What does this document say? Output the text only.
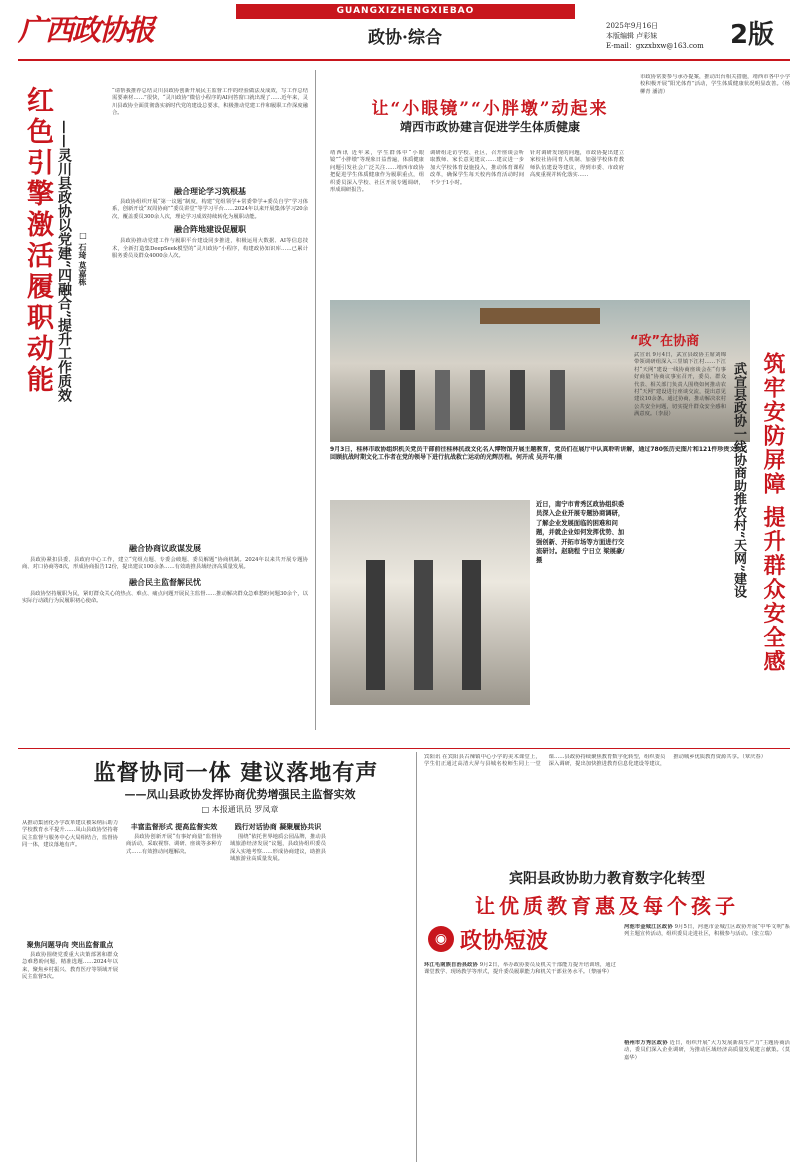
广西政协报
GUANGXIZHENGXIEBAO
政协·综合
2025年9月16日
本版编辑 卢彩妹
E-mail：gxzxbxw@163.com 2版
红色引擎激活履职动能 ——灵川县政协以党建“四融合”提升工作质效 □ 石琦 莫嘉栋
“请帮我推荐总结灵川县政协创新开展民主监督工作的经验做法及成效，写工作总结需要素材……”很快，“灵川政协”微信小程序的AI问答窗口就出现了……近年来，灵川县政协全面贯彻落实新时代党的建设总要求，积极推动党建工作和履职工作深度融合。
融合理论学习筑根基
县政协组织开展“第一议题”制度，构建“党组领学+常委带学+委员自学”学习体系，创新开设“双周协商”“委员讲堂”等学习平台……2024年以来开展集体学习20余次，覆盖委员300余人次，理论学习成效持续转化为履职动能。
融合阵地建设促履职
县政协推动党建工作与履职平台建设同步推进，积极运用大数据、AI等信息技术，全新打造集DeepSeek模型的“灵川政协”小程序，构建政协知识库……已累计服务委员及群众4000余人次。
融合协商议政谋发展
县政协紧扣县委、县政府中心工作，建立“党组点题、专委会破题、委员解题”协商机制。2024年以来共开展专题协商、对口协商等8次，形成协商报告12份，提出建议100余条……有效助推县域经济高质量发展。
融合民主监督解民忧
县政协坚持履职为民，紧盯群众关心的热点、难点、痛点问题开展民主监督……推动解决群众急难愁盼问题30余个，以实际行动践行为民履职初心使命。
让“小眼镜”“小胖墩”动起来
靖西市政协建言促进学生体质健康
靖西讯 近年来，学生群体中“小眼镜”“小胖墩”等现象日益普遍，体质健康问题引发社会广泛关注……靖西市政协把促进学生体质健康作为履职重点，组织委员深入学校、社区开展专题调研，形成调研报告。
调研组走访学校、社区，召开座谈会听取教师、家长意见建议……建议进一步加大学校体育设施投入，推动体育课程改革，确保学生每天校内体育活动时间不少于1小时。
针对调研发现的问题，市政协提出建立家校社协同育人机制、加强学校体育教师队伍建设等建议，得到市委、市政府高度重视并转化落实……
市政协常委参与承办提案，推动出台相关措施，靖西市各中小学校积极开展“阳光体育”活动，学生体质健康状况明显改善。（杨柳青 潘清）
9月3日，桂林市政协组织机关党员干部前往桂林抗战文化名人博物馆开展主题教育，党员们在展厅中认真聆听讲解，通过780张历史图片和121件珍贵文物，回顾抗战时期文化工作者在党的领导下进行抗战救亡运动的光辉历程。何开成 吴开年/摄
近日，南宁市青秀区政协组织委员深入企业开展专题协商调研，了解企业发展面临的困难和问题，并就企业如何发挥优势、加强创新、开拓市场等方面进行交流研讨。赵晓程 宁日立 梁展豪/摄
“政”在协商
筑牢安防屏障 提升群众安全感
武宣县政协一线协商助推农村“天网”建设
武宣讯 9月4日，武宣县政协主席刘锦带领调研组深入三里镇下江村……下江村“天网”建设一线协商座谈会在“有事好商量”协商议事室召开，委员、群众代表、相关部门负责人围绕如何推动农村“天网”建设进行座谈交流，提出意见建议10余条。通过协商，推动解决农村公共安全问题，切实提升群众安全感和满意度。（李晨）
监督协同一体 建议落地有声
——凤山县政协发挥协商优势增强民主监督实效
□ 本报通讯员 罗凤章
从推动集团化办学改革建议被采纳后助力学校教育水平提升……凤山县政协坚持将民主监督与服务中心大局相结合，监督协同一体，建议落地有声。
聚焦问题导向 突出监督重点
县政协围绕党委重大决策部署和群众急难愁盼问题，精准选题……2024年以来，聚焦乡村振兴、教育医疗等领域开展民主监督5次。
丰富监督形式 提高监督实效
县政协创新开展“有事好商量”监督协商活动，采取视察、调研、座谈等多种方式……有效推动问题解决。
践行对话协商 凝聚履协共识
围绕“依托世界地质公园品牌，推动县域旅游经济发展”议题，县政协组织委员深入实地考察……形成协商建议，助推县域旅游业高质量发展。
宾阳讯 在宾阳县古辣镇中心小学的美术课堂上，学生们正通过高清大屏与县城名校师生同上一堂课……县政协持续聚焦教育数字化转型，组织委员深入调研，提出加快推进教育信息化建设等建议，推动城乡优质教育资源共享。（覃庆春）
宾阳县政协助力教育数字化转型
让优质教育惠及每个孩子
◉ 政协短波
环江毛南族自治县政协 9月2日，举办政协委员及机关干部能力提升培训班，通过课堂教学、现场教学等形式，提升委员履职能力和机关干部业务水平。（黎丽华）
河池市金城江区政协 9月5日，河池市金城江区政协开展“中华文明”系列主题宣传活动，组织委员走进社区，积极参与活动。（张立瑞）
梧州市万秀区政协 近日，组织开展“大力发展新质生产力”主题协商活动，委员们深入企业调研，为推动区域经济高质量发展建言献策。（莫嘉华）
